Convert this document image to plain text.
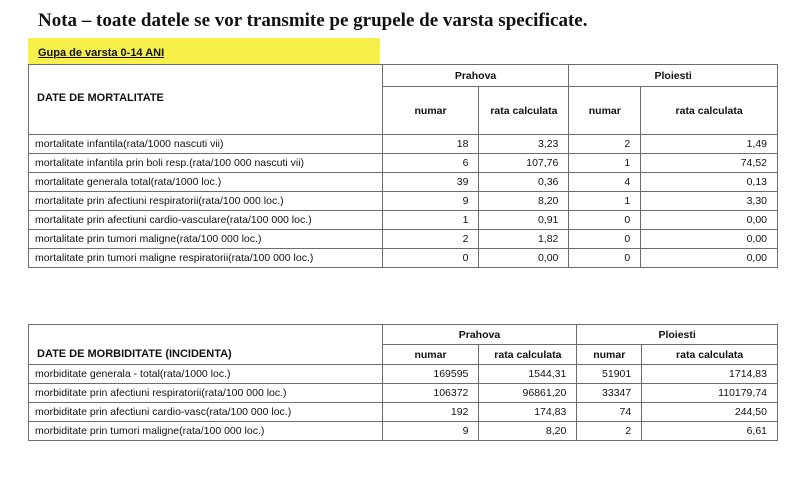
Nota – toate datele se vor transmite pe grupele de varsta specificate.
Gupa de varsta 0-14 ANI
DATE DE MORTALITATE	Prahova		Ploiesti	
	numar	rata calculata	numar	rata calculata
mortalitate infantila(rata/1000 nascuti vii)	18	3,23	2	1,49
mortalitate infantila prin boli resp.(rata/100 000 nascuti vii)	6	107,76	1	74,52
mortalitate generala total(rata/1000 loc.)	39	0,36	4	0,13
mortalitate prin afectiuni respiratorii(rata/100 000 loc.)	9	8,20	1	3,30
mortalitate prin afectiuni cardio-vasculare(rata/100 000 loc.)	1	0,91	0	0,00
mortalitate prin tumori maligne(rata/100 000 loc.)	2	1,82	0	0,00
mortalitate prin tumori maligne respiratorii(rata/100 000 loc.)	0	0,00	0	0,00
DATE DE MORBIDITATE (INCIDENTA)	Prahova		Ploiesti	
	numar	rata calculata	numar	rata calculata
morbiditate generala - total(rata/1000 loc.)	169595	1544,31	51901	1714,83
morbiditate prin afectiuni respiratorii(rata/100 000 loc.)	106372	96861,20	33347	110179,74
morbiditate prin afectiuni cardio-vasc(rata/100 000 loc.)	192	174,83	74	244,50
morbiditate prin tumori maligne(rata/100 000 loc.)	9	8,20	2	6,61
